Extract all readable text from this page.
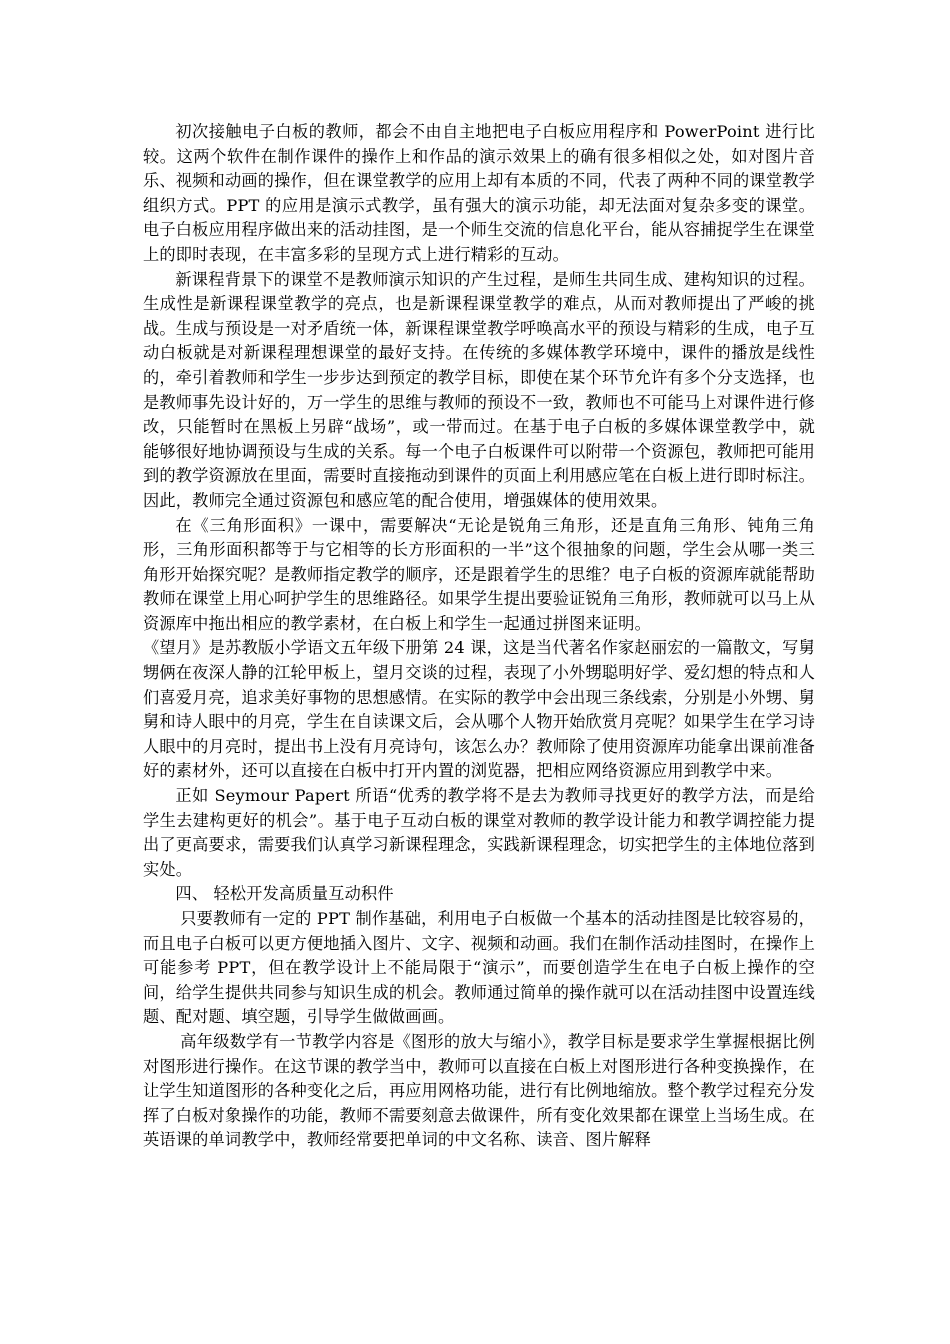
初次接触电子白板的教师，都会不由自主地把电子白板应用程序和 PowerPoint 进行比较。这两个软件在制作课件的操作上和作品的演示效果上的确有很多相似之处，如对图片音乐、视频和动画的操作，但在课堂教学的应用上却有本质的不同，代表了两种不同的课堂教学组织方式。PPT 的应用是演示式教学，虽有强大的演示功能，却无法面对复杂多变的课堂。电子白板应用程序做出来的活动挂图，是一个师生交流的信息化平台，能从容捕捉学生在课堂上的即时表现，在丰富多彩的呈现方式上进行精彩的互动。

新课程背景下的课堂不是教师演示知识的产生过程，是师生共同生成、建构知识的过程。生成性是新课程课堂教学的亮点，也是新课程课堂教学的难点，从而对教师提出了严峻的挑战。生成与预设是一对矛盾统一体，新课程课堂教学呼唤高水平的预设与精彩的生成，电子互动白板就是对新课程理想课堂的最好支持。在传统的多媒体教学环境中，课件的播放是线性的，牵引着教师和学生一步步达到预定的教学目标，即使在某个环节允许有多个分支选择，也是教师事先设计好的，万一学生的思维与教师的预设不一致，教师也不可能马上对课件进行修改，只能暂时在黑板上另辟“战场”，或一带而过。在基于电子白板的多媒体课堂教学中，就能够很好地协调预设与生成的关系。每一个电子白板课件可以附带一个资源包，教师把可能用到的教学资源放在里面，需要时直接拖动到课件的页面上利用感应笔在白板上进行即时标注。因此，教师完全通过资源包和感应笔的配合使用，增强媒体的使用效果。

在《三角形面积》一课中，需要解决“无论是锐角三角形，还是直角三角形、钝角三角形，三角形面积都等于与它相等的长方形面积的一半”这个很抽象的问题，学生会从哪一类三角形开始探究呢？是教师指定教学的顺序，还是跟着学生的思维？电子白板的资源库就能帮助教师在课堂上用心呵护学生的思维路径。如果学生提出要验证锐角三角形，教师就可以马上从资源库中拖出相应的教学素材，在白板上和学生一起通过拼图来证明。

《望月》是苏教版小学语文五年级下册第 24 课，这是当代著名作家赵丽宏的一篇散文，写舅甥俩在夜深人静的江轮甲板上，望月交谈的过程，表现了小外甥聪明好学、爱幻想的特点和人们喜爱月亮，追求美好事物的思想感情。在实际的教学中会出现三条线索，分别是小外甥、舅舅和诗人眼中的月亮，学生在自读课文后，会从哪个人物开始欣赏月亮呢？如果学生在学习诗人眼中的月亮时，提出书上没有月亮诗句，该怎么办？教师除了使用资源库功能拿出课前准备好的素材外，还可以直接在白板中打开内置的浏览器，把相应网络资源应用到教学中来。

正如 Seymour Papert 所语“优秀的教学将不是去为教师寻找更好的教学方法，而是给学生去建构更好的机会”。基于电子互动白板的课堂对教师的教学设计能力和教学调控能力提出了更高要求，需要我们认真学习新课程理念，实践新课程理念，切实把学生的主体地位落到实处。

四、 轻松开发高质量互动积件

只要教师有一定的 PPT 制作基础，利用电子白板做一个基本的活动挂图是比较容易的，而且电子白板可以更方便地插入图片、文字、视频和动画。我们在制作活动挂图时，在操作上可能参考 PPT，但在教学设计上不能局限于“演示”，而要创造学生在电子白板上操作的空间，给学生提供共同参与知识生成的机会。教师通过简单的操作就可以在活动挂图中设置连线题、配对题、填空题，引导学生做做画画。

高年级数学有一节教学内容是《图形的放大与缩小》，教学目标是要求学生掌握根据比例对图形进行操作。在这节课的教学当中，教师可以直接在白板上对图形进行各种变换操作，在让学生知道图形的各种变化之后，再应用网格功能，进行有比例地缩放。整个教学过程充分发挥了白板对象操作的功能，教师不需要刻意去做课件，所有变化效果都在课堂上当场生成。在英语课的单词教学中，教师经常要把单词的中文名称、读音、图片解释
